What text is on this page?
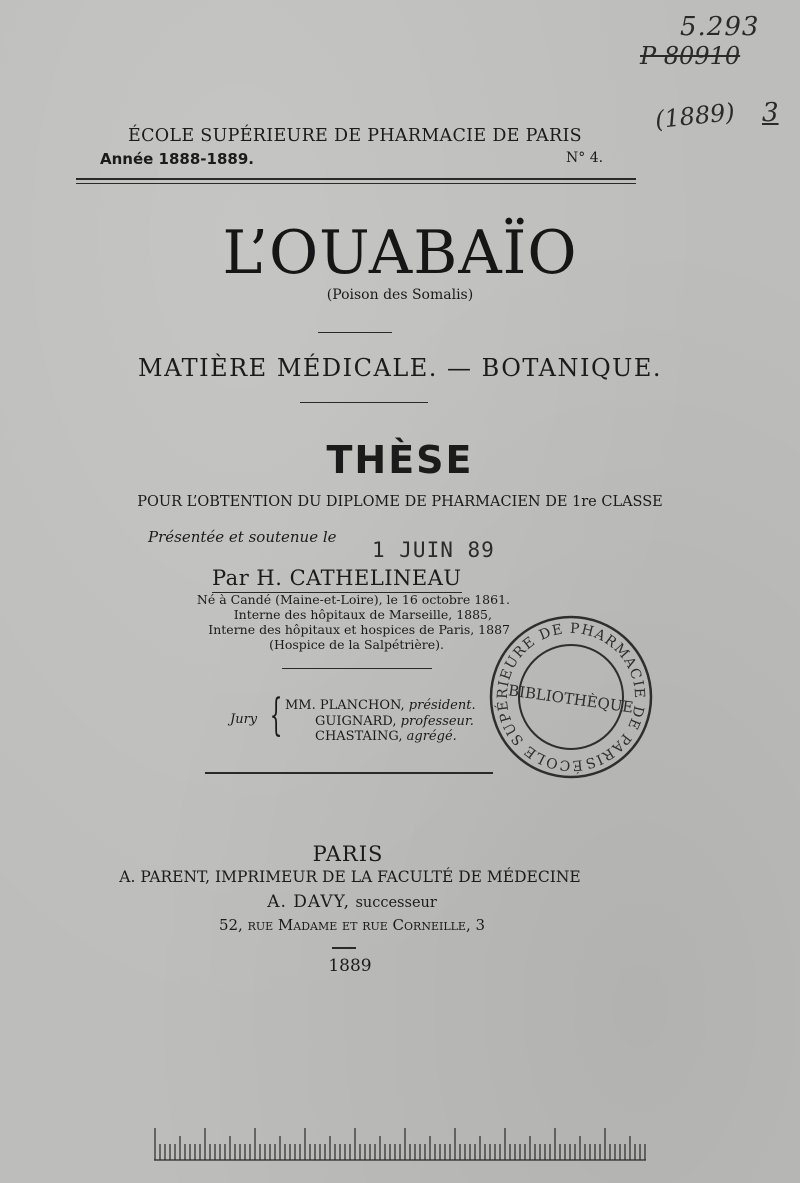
5.293
P 80910
(1889) 3
ÉCOLE SUPÉRIEURE DE PHARMACIE DE PARIS
Année 1888-1889.	N° 4.
L’OUABAÏO
(Poison des Somalis)
MATIÈRE MÉDICALE. — BOTANIQUE.
THÈSE
POUR L’OBTENTION DU DIPLOME DE PHARMACIEN DE 1re CLASSE
Présentée et soutenue le
1 JUIN 89
Par H. CATHELINEAU
Né à Candé (Maine-et-Loire), le 16 octobre 1861.
Interne des hôpitaux de Marseille, 1885,
Interne des hôpitaux et hospices de Paris, 1887
(Hospice de la Salpétrière).
Jury { MM. PLANCHON, président.
GUIGNARD, professeur.
CHASTAING, agrégé.
ÉCOLE SUPÉRIEURE DE PHARMACIE DE PARIS
BIBLIOTHÈQUE
PARIS
A. PARENT, IMPRIMEUR DE LA FACULTÉ DE MÉDECINE
A. DAVY, successeur
52, rue Madame et rue Corneille, 3
1889
